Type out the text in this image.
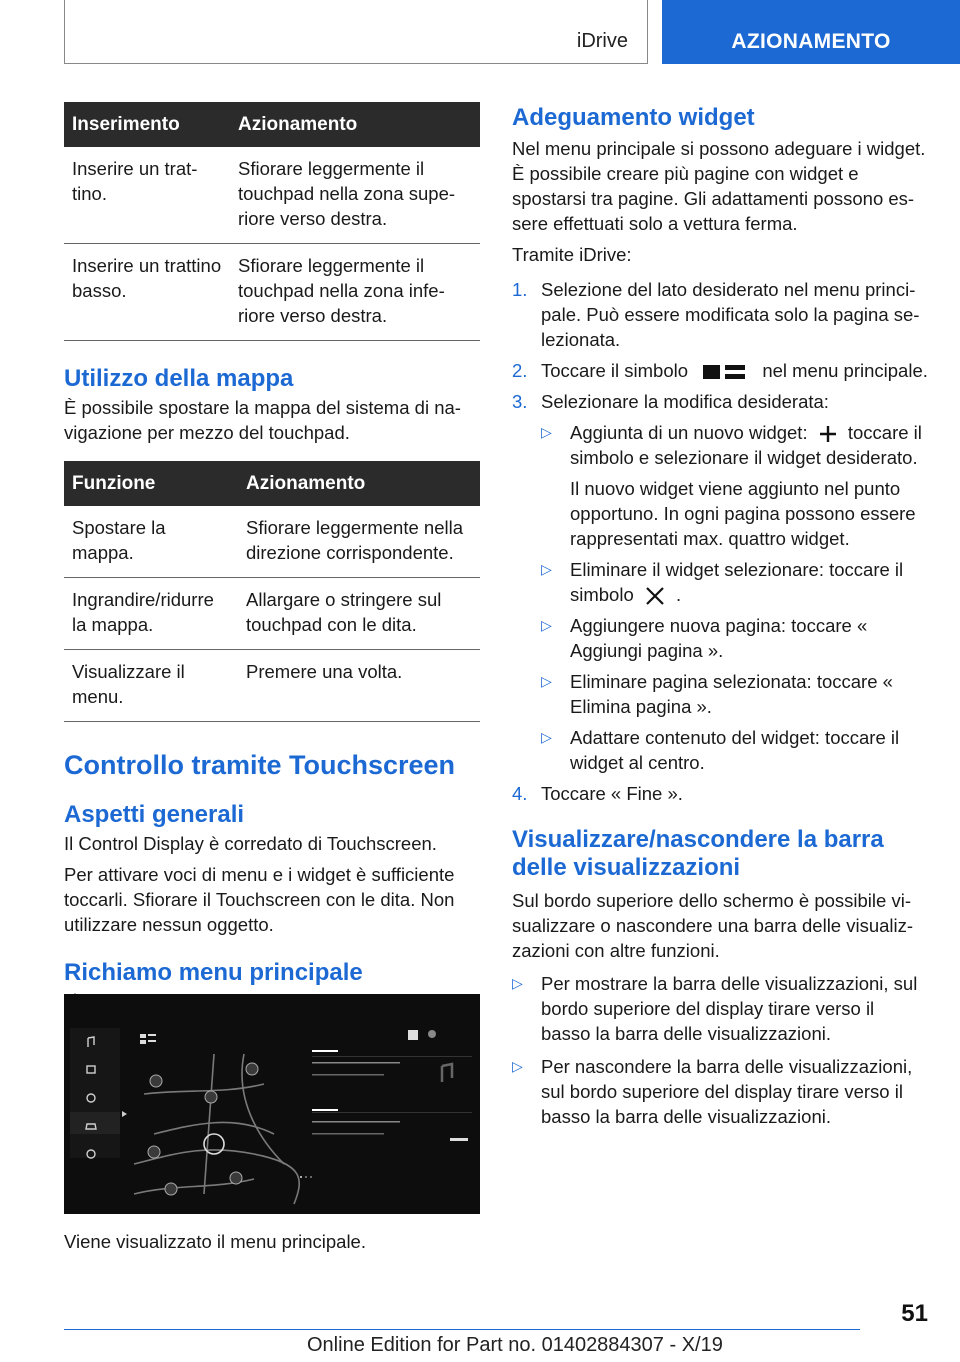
iDrive	AZIONAMENTO
Inserimento	Azionamento
Inserire un trattino.	Sfiorare leggermente il touchpad nella zona superiore verso destra.
Inserire un trattino basso.	Sfiorare leggermente il touchpad nella zona inferiore verso destra.
Utilizzo della mappa

È possibile spostare la mappa del sistema di navigazione per mezzo del touchpad.

Funzione	Azionamento
Spostare la mappa.	Sfiorare leggermente nella direzione corrispondente.
Ingrandire/ridurre la mappa.	Allargare o stringere sul touchpad con le dita.
Visualizzare il menu.	Premere una volta.
Controllo tramite Touchscreen
Aspetti generali

Il Control Display è corredato di Touchscreen.

Per attivare voci di menu e i widget è sufficiente toccarli. Sfiorare il Touchscreen con le dita. Non utilizzare nessun oggetto.

Richiamo menu principale

Viene visualizzato il menu principale.

Adeguamento widget

Nel menu principale si possono adeguare i widget. È possibile creare più pagine con widget e spostarsi tra pagine. Gli adattamenti possono essere effettuati solo a vettura ferma.

Tramite iDrive:

1. Selezione del lato desiderato nel menu principale. Può essere modificata solo la pagina selezionata.
2. Toccare il simbolo	nel menu principale.
3. Selezionare la modifica desiderata:
▷ Aggiunta di un nuovo widget: toccare il simbolo e selezionare il widget desiderato.

Il nuovo widget viene aggiunto nel punto opportuno. In ogni pagina possono essere rappresentati max. quattro widget.

▷ Eliminare il widget selezionare: toccare il simbolo .
▷ Aggiungere nuova pagina: toccare « Aggiungi pagina ».
▷ Eliminare pagina selezionata: toccare « Elimina pagina ».
▷ Adattare contenuto del widget: toccare il widget al centro.
4. Toccare « Fine ».
Visualizzare/nascondere la barra delle visualizzazioni

Sul bordo superiore dello schermo è possibile visualizzare o nascondere una barra delle visualizzazioni con altre funzioni.

▷ Per mostrare la barra delle visualizzazioni, sul bordo superiore del display tirare verso il basso la barra delle visualizzazioni.
▷ Per nascondere la barra delle visualizzazioni, sul bordo superiore del display tirare verso il basso la barra delle visualizzazioni.
51
Online Edition for Part no. 01402884307 - X/19
